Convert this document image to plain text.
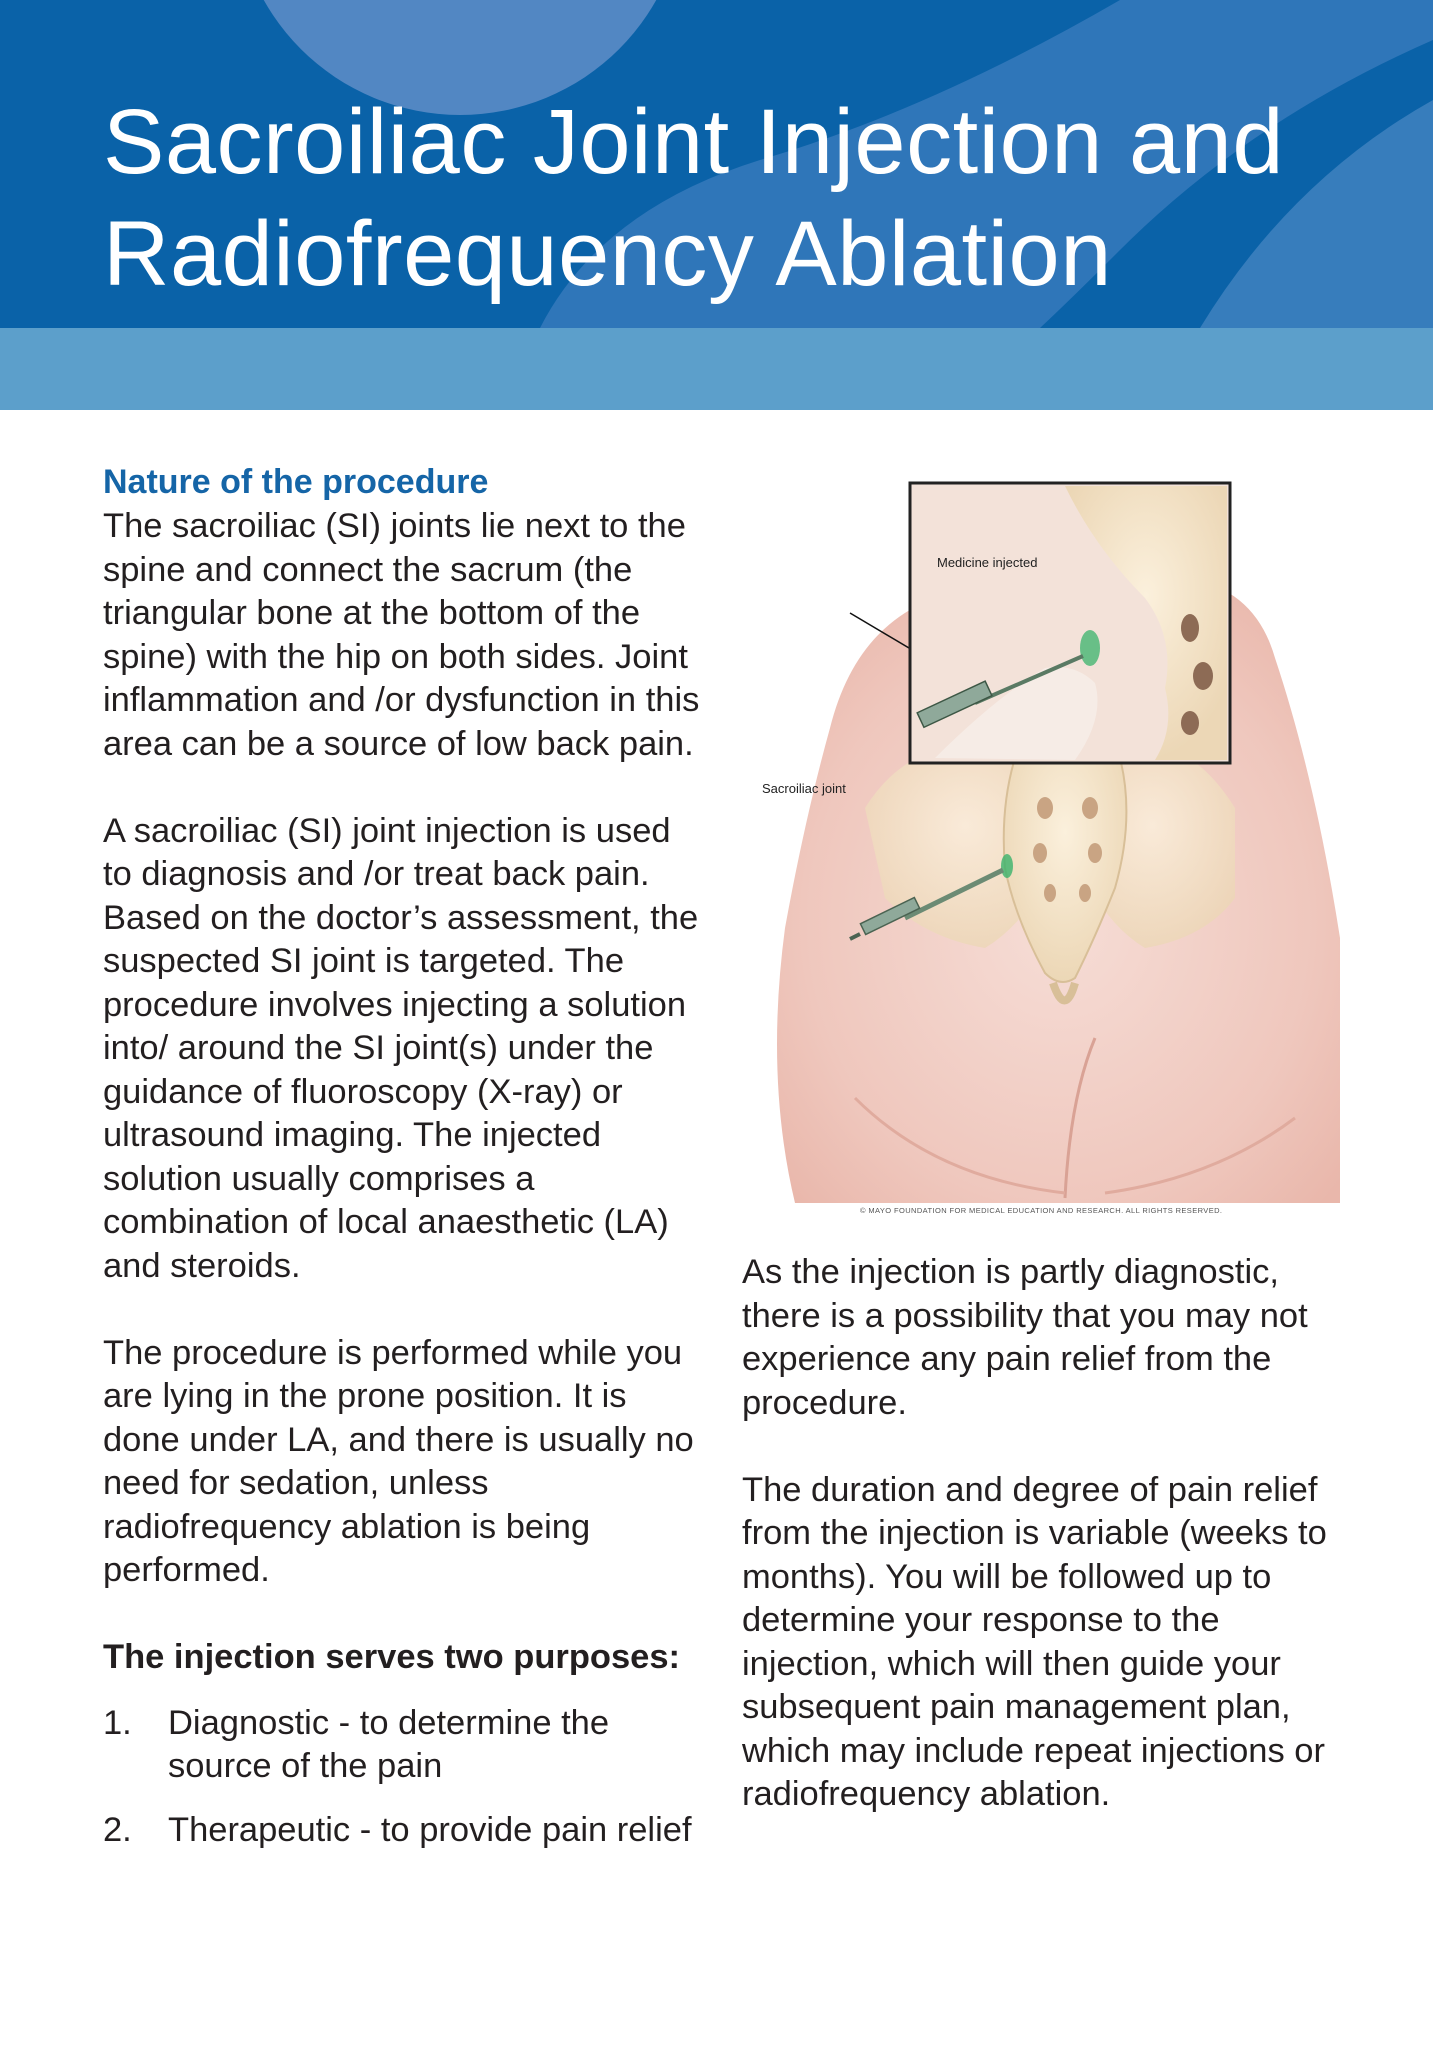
Sacroiliac Joint Injection and
Radiofrequency Ablation
Nature of the procedure

The sacroiliac (SI) joints lie next to the spine and connect the sacrum (the triangular bone at the bottom of the spine) with the hip on both sides. Joint inflammation and /or dysfunction in this area can be a source of low back pain.

A sacroiliac (SI) joint injection is used to diagnosis and /or treat back pain. Based on the doctor’s assessment, the suspected SI joint is targeted. The procedure involves injecting a solution into/ around the SI joint(s) under the guidance of fluoroscopy (X-ray) or ultrasound imaging. The injected solution usually comprises a combination of local anaesthetic (LA) and steroids.

The procedure is performed while you are lying in the prone position. It is done under LA, and there is usually no need for sedation, unless radiofrequency ablation is being performed.

The injection serves two purposes:
1. Diagnostic - to determine the source of the pain
2. Therapeutic - to provide pain relief
Medicine injected
Sacroiliac joint
© MAYO FOUNDATION FOR MEDICAL EDUCATION AND RESEARCH. ALL RIGHTS RESERVED.

As the injection is partly diagnostic, there is a possibility that you may not experience any pain relief from the procedure.

The duration and degree of pain relief from the injection is variable (weeks to months). You will be followed up to determine your response to the injection, which will then guide your subsequent pain management plan, which may include repeat injections or radiofrequency ablation.
